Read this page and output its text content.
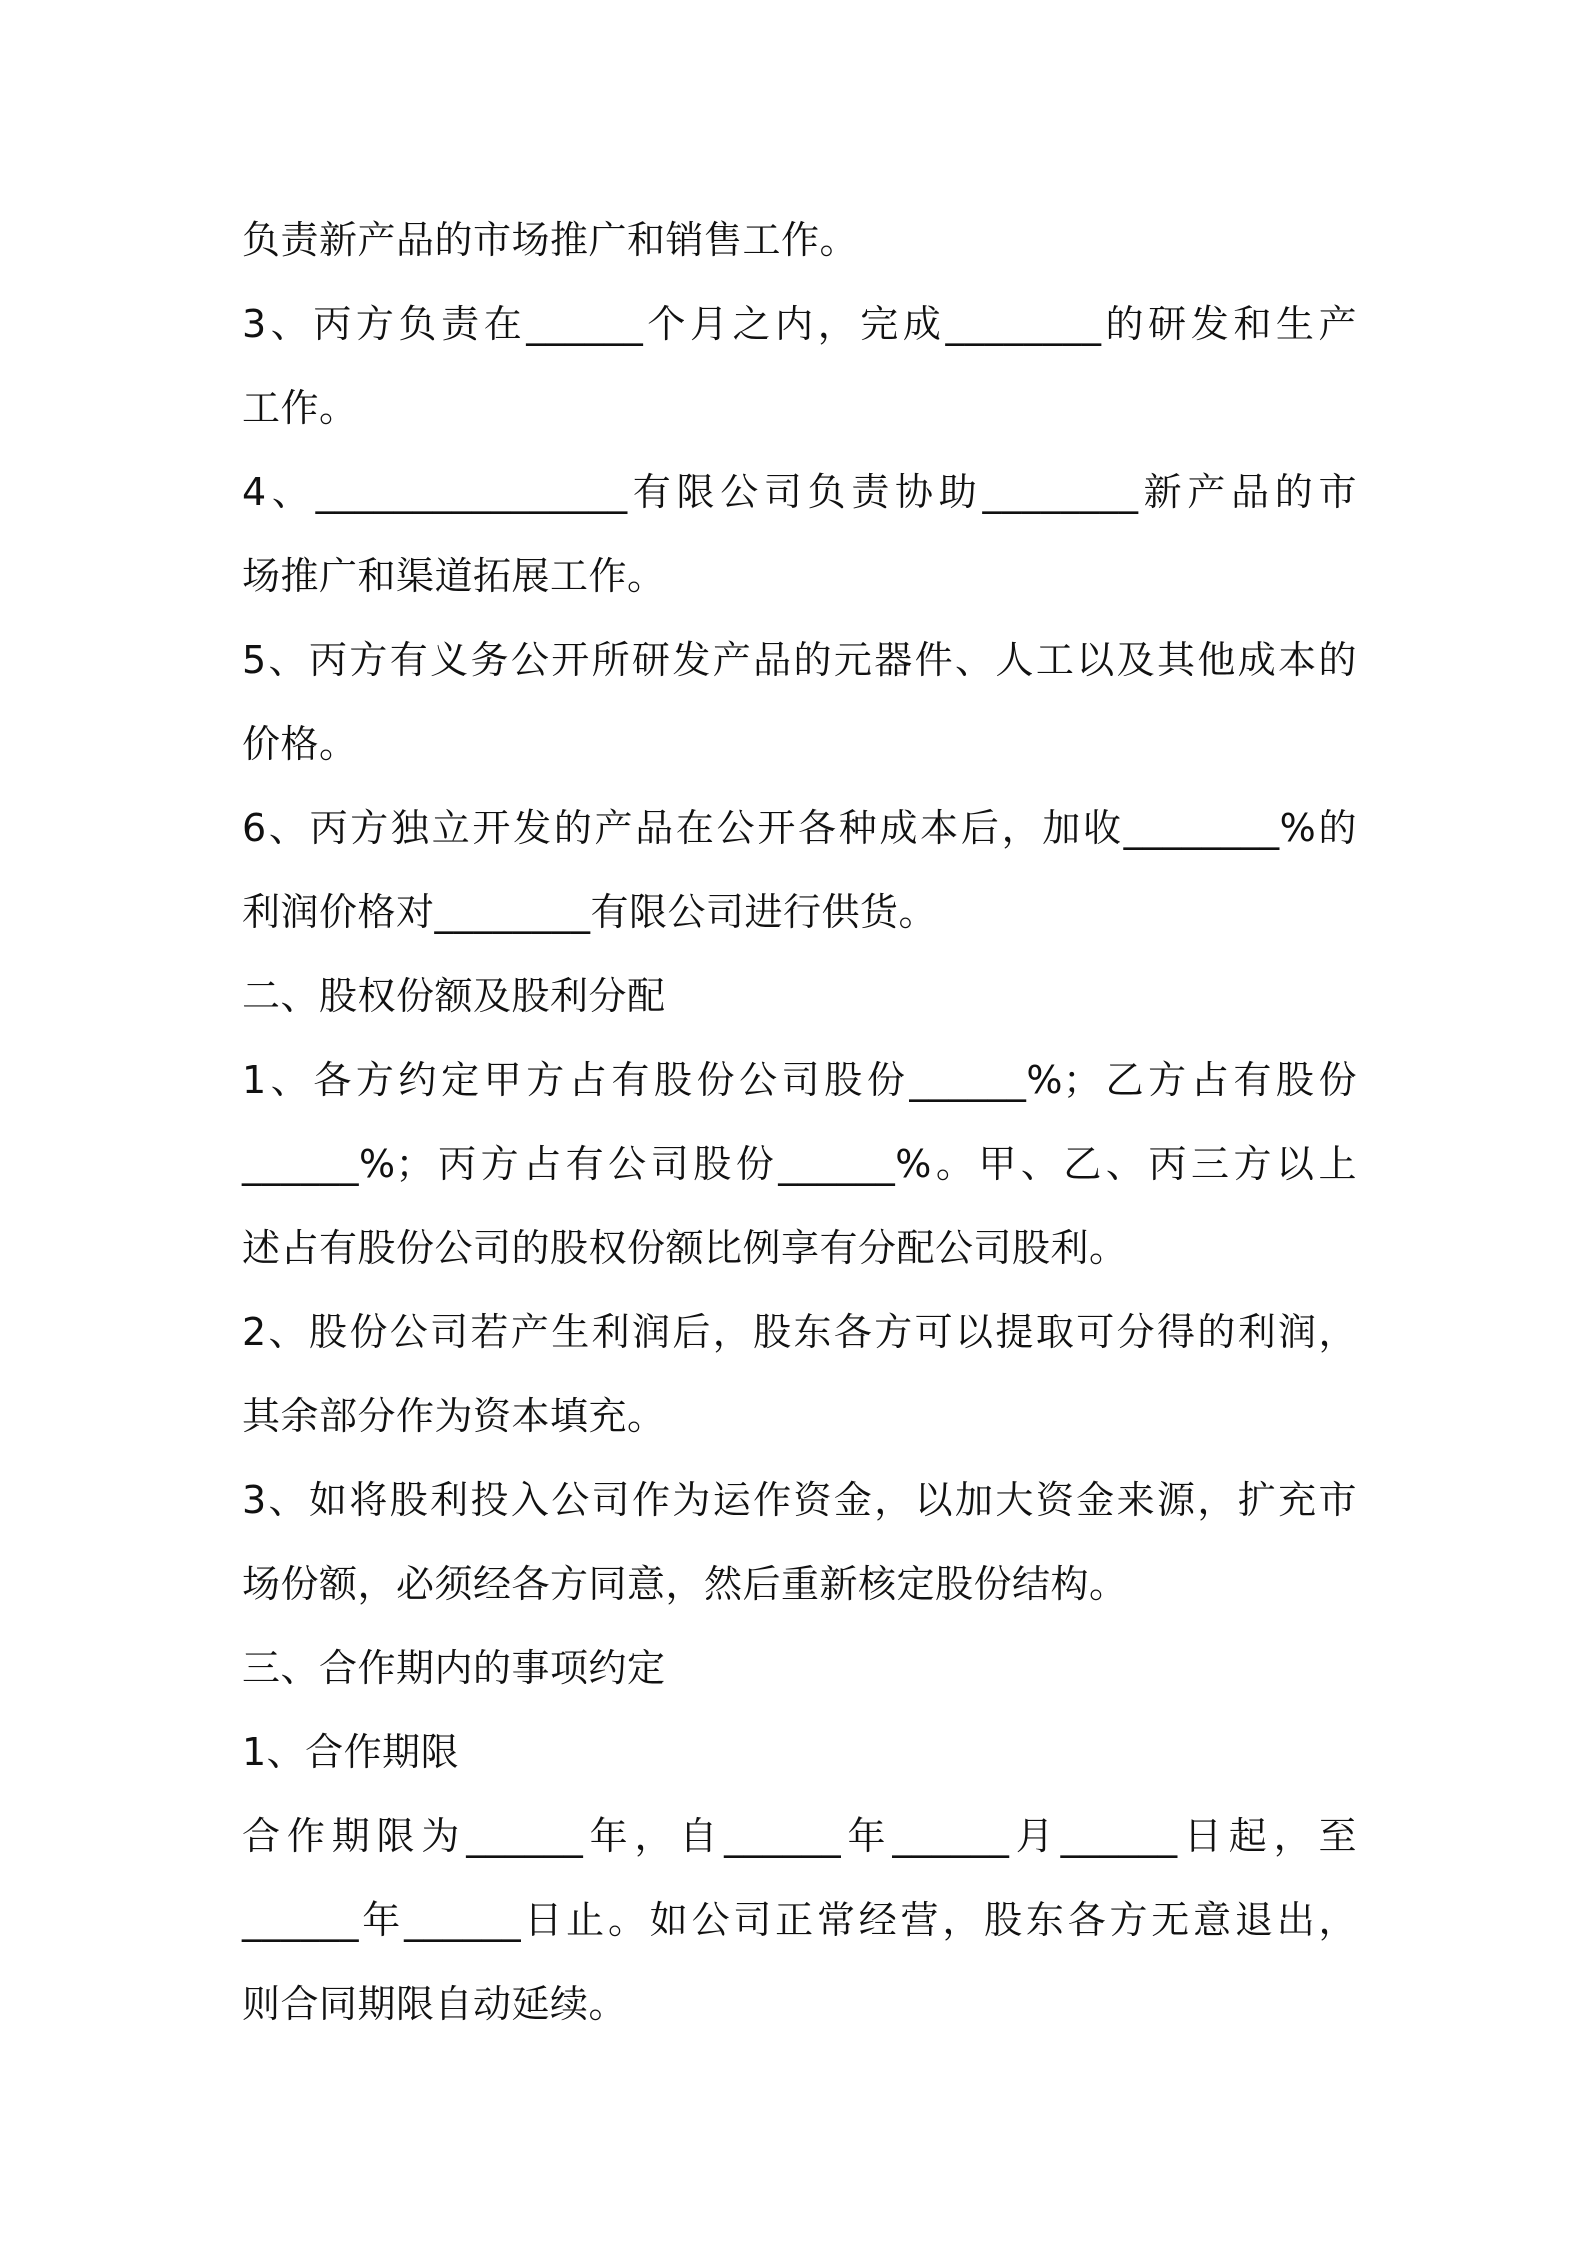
负责新产品的市场推广和销售工作。
3、丙方负责在______个月之内，完成________的研发和生产
工作。
4、________________有限公司负责协助________新产品的市
场推广和渠道拓展工作。
5、丙方有义务公开所研发产品的元器件、人工以及其他成本的
价格。
6、丙方独立开发的产品在公开各种成本后，加收________%的
利润价格对________有限公司进行供货。
二、股权份额及股利分配
1、各方约定甲方占有股份公司股份______%；乙方占有股份
______%；丙方占有公司股份______%。甲、乙、丙三方以上
述占有股份公司的股权份额比例享有分配公司股利。
2、股份公司若产生利润后，股东各方可以提取可分得的利润，
其余部分作为资本填充。
3、如将股利投入公司作为运作资金，以加大资金来源，扩充市
场份额，必须经各方同意，然后重新核定股份结构。
三、合作期内的事项约定
1、合作期限
合作期限为______年，自______年______月______日起，至
______年______日止。如公司正常经营，股东各方无意退出，
则合同期限自动延续。
